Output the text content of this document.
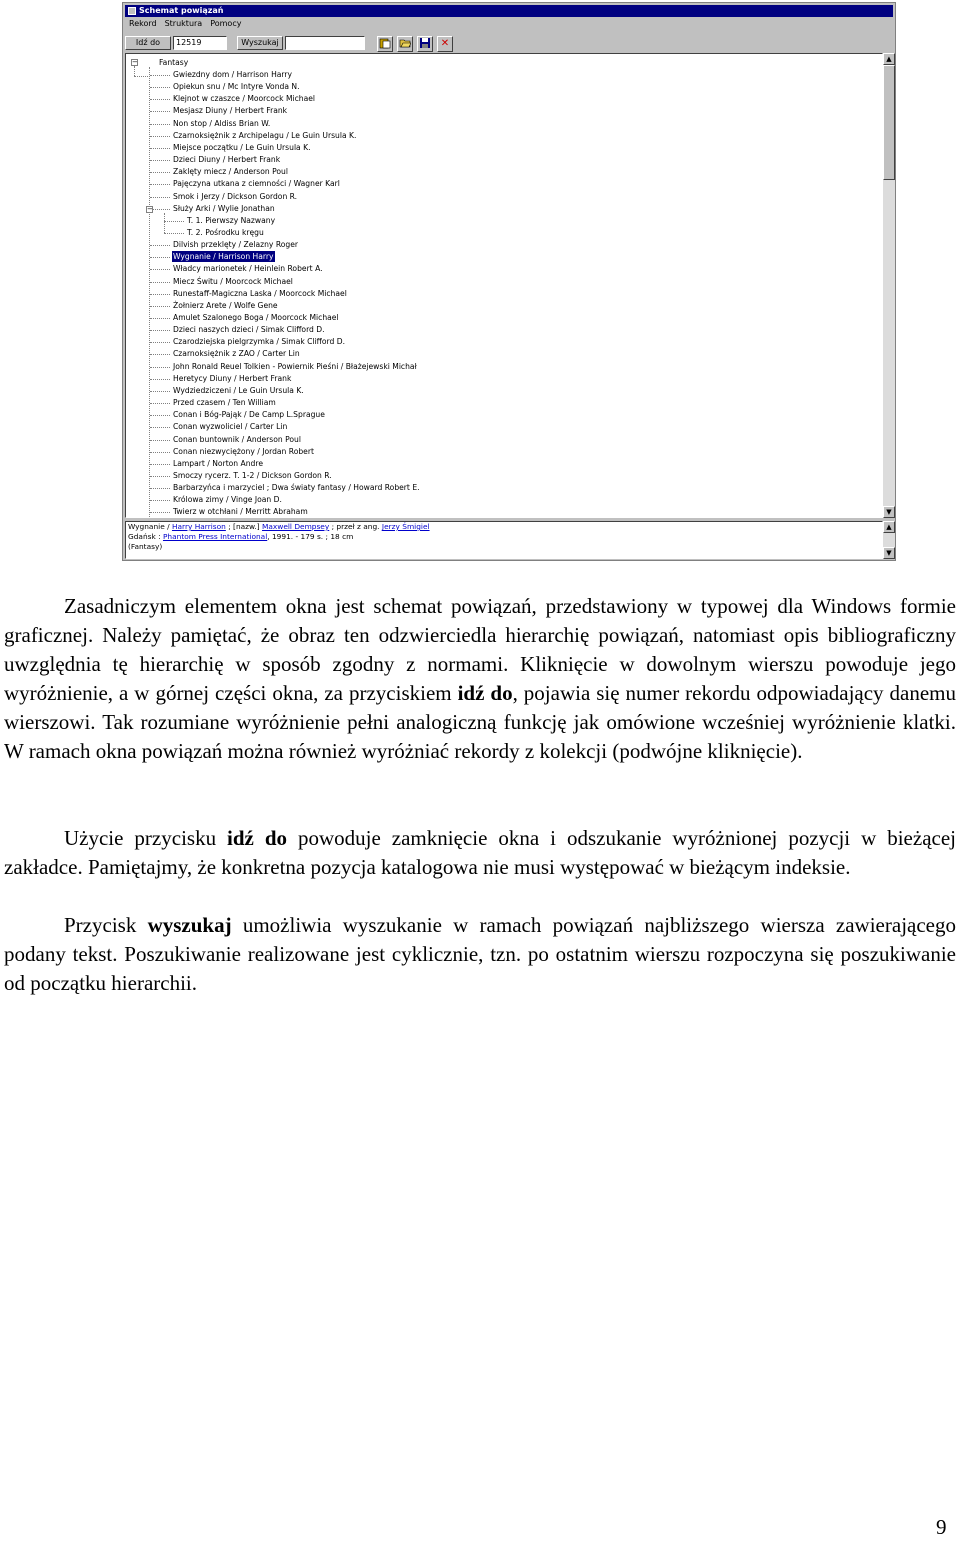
Schemat powiązań
Rekord Struktura Pomocy
Idź do	12519	Wyszukaj	✕
−	Fantasy
Gwiezdny dom / Harrison Harry
Opiekun snu / Mc Intyre Vonda N.
Klejnot w czaszce / Moorcock Michael
Mesjasz Diuny / Herbert Frank
Non stop / Aldiss Brian W.
Czarnoksiężnik z Archipelagu / Le Guin Ursula K.
Miejsce początku / Le Guin Ursula K.
Dzieci Diuny / Herbert Frank
Zaklęty miecz / Anderson Poul
Pajęczyna utkana z ciemności / Wagner Karl
Smok i Jerzy / Dickson Gordon R.
Służy Arki / Wylie Jonathan
−
T. 1. Pierwszy Nazwany
T. 2. Pośrodku kręgu
Dilvish przeklęty / Zelazny Roger
Wygnanie / Harrison Harry
Władcy marionetek / Heinlein Robert A.
Miecz Świtu / Moorcock Michael
Runestaff-Magiczna Laska / Moorcock Michael
Żołnierz Arete / Wolfe Gene
Amulet Szalonego Boga / Moorcock Michael
Dzieci naszych dzieci / Simak Clifford D.
Czarodziejska pielgrzymka / Simak Clifford D.
Czarnoksiężnik z ZAO / Carter Lin
John Ronald Reuel Tolkien - Powiernik Pieśni / Błażejewski Michał
Heretycy Diuny / Herbert Frank
Wydziedziczeni / Le Guin Ursula K.
Przed czasem / Ten William
Conan i Bóg-Pająk / De Camp L.Sprague
Conan wyzwoliciel / Carter Lin
Conan buntownik / Anderson Poul
Conan niezwyciężony / Jordan Robert
Lampart / Norton Andre
Smoczy rycerz. T. 1-2 / Dickson Gordon R.
Barbarzyńca i marzyciel ; Dwa światy fantasy / Howard Robert E.
Królowa zimy / Vinge Joan D.
Twierz w otchłani / Merritt Abraham
▲
▼
Wygnanie / Harry Harrison ; [nazw.] Maxwell Dempsey ; przeł z ang. Jerzy Śmigiel
Gdańsk : Phantom Press International, 1991. - 179 s. ; 18 cm
(Fantasy)
▲
▼
Zasadniczym elementem okna jest schemat powiązań, przedstawiony w typowej dla Windows formie graficznej. Należy pamiętać, że obraz ten odzwierciedla hierarchię powiązań, natomiast opis bibliograficzny uwzględnia tę hierarchię w sposób zgodny z normami. Kliknięcie w dowolnym wierszu powoduje jego wyróżnienie, a w górnej części okna, za przyciskiem idź do, pojawia się numer rekordu odpowiadający danemu wierszowi. Tak rozumiane wyróżnienie pełni analogiczną funkcję jak omówione wcześniej wyróżnienie klatki. W ramach okna powiązań można również wyróżniać rekordy z kolekcji (podwójne kliknięcie).
Użycie przycisku idź do powoduje zamknięcie okna i odszukanie wyróżnionej pozycji w bieżącej zakładce. Pamiętajmy, że konkretna pozycja katalogowa nie musi występować w bieżącym indeksie.
Przycisk wyszukaj umożliwia wyszukanie w ramach powiązań najbliższego wiersza zawierającego podany tekst. Poszukiwanie realizowane jest cyklicznie, tzn. po ostatnim wierszu rozpoczyna się poszukiwanie od początku hierarchii.
9
